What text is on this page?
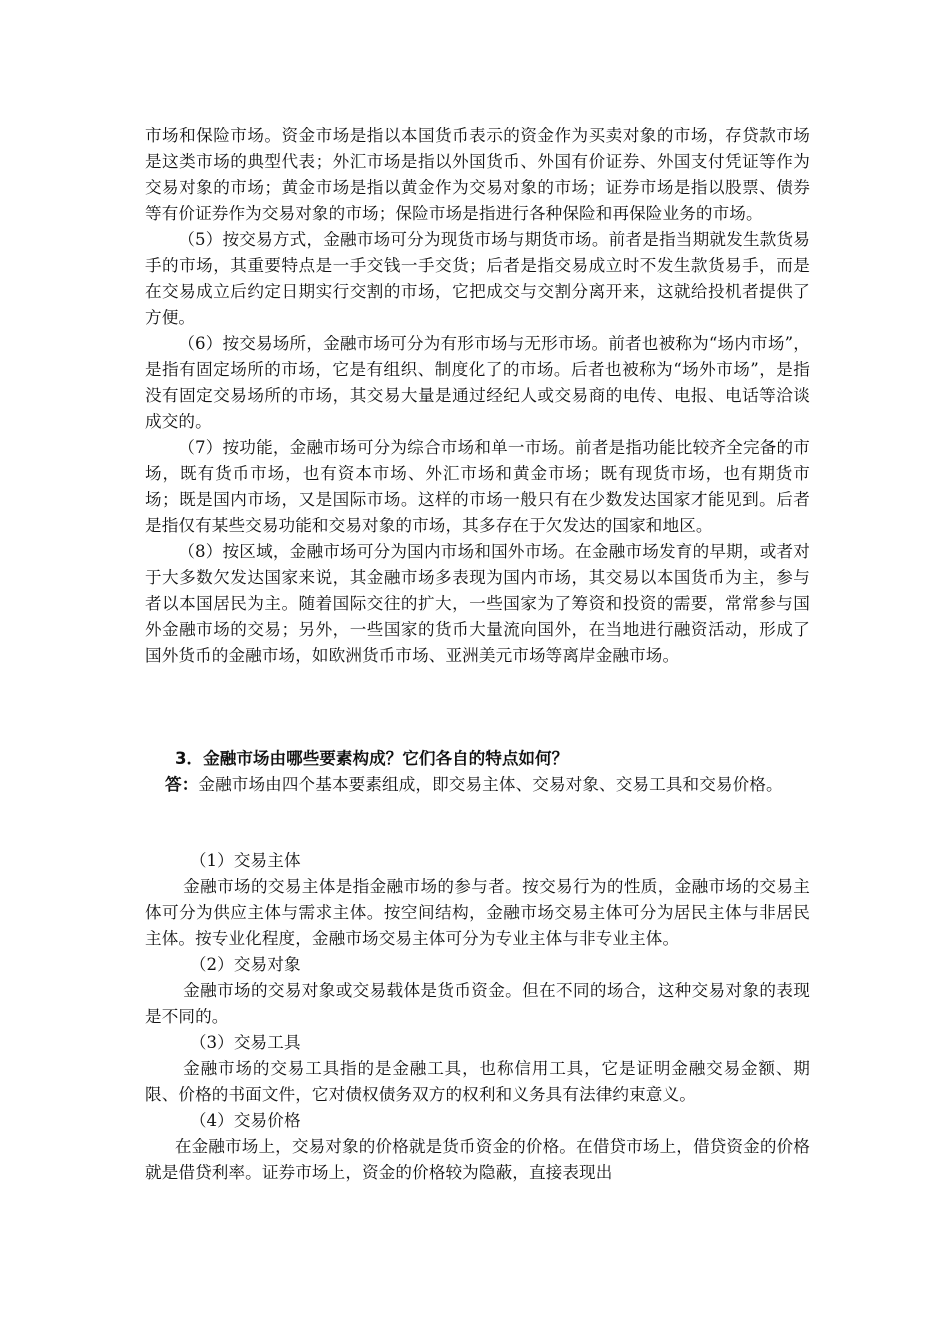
市场和保险市场。资金市场是指以本国货币表示的资金作为买卖对象的市场，存贷款市场是这类市场的典型代表；外汇市场是指以外国货币、外国有价证券、外国支付凭证等作为交易对象的市场；黄金市场是指以黄金作为交易对象的市场；证券市场是指以股票、债券等有价证券作为交易对象的市场；保险市场是指进行各种保险和再保险业务的市场。

（5）按交易方式，金融市场可分为现货市场与期货市场。前者是指当期就发生款货易手的市场，其重要特点是一手交钱一手交货；后者是指交易成立时不发生款货易手，而是在交易成立后约定日期实行交割的市场，它把成交与交割分离开来，这就给投机者提供了方便。

（6）按交易场所，金融市场可分为有形市场与无形市场。前者也被称为“场内市场”，是指有固定场所的市场，它是有组织、制度化了的市场。后者也被称为“场外市场”，是指没有固定交易场所的市场，其交易大量是通过经纪人或交易商的电传、电报、电话等洽谈成交的。

（7）按功能，金融市场可分为综合市场和单一市场。前者是指功能比较齐全完备的市场，既有货币市场，也有资本市场、外汇市场和黄金市场；既有现货市场，也有期货市场；既是国内市场，又是国际市场。这样的市场一般只有在少数发达国家才能见到。后者是指仅有某些交易功能和交易对象的市场，其多存在于欠发达的国家和地区。

（8）按区域，金融市场可分为国内市场和国外市场。在金融市场发育的早期，或者对于大多数欠发达国家来说，其金融市场多表现为国内市场，其交易以本国货币为主，参与者以本国居民为主。随着国际交往的扩大，一些国家为了筹资和投资的需要，常常参与国外金融市场的交易；另外，一些国家的货币大量流向国外，在当地进行融资活动，形成了国外货币的金融市场，如欧洲货币市场、亚洲美元市场等离岸金融市场。

3．金融市场由哪些要素构成？它们各自的特点如何？

答：金融市场由四个基本要素组成，即交易主体、交易对象、交易工具和交易价格。

（1）交易主体

金融市场的交易主体是指金融市场的参与者。按交易行为的性质，金融市场的交易主体可分为供应主体与需求主体。按空间结构，金融市场交易主体可分为居民主体与非居民主体。按专业化程度，金融市场交易主体可分为专业主体与非专业主体。

（2）交易对象

金融市场的交易对象或交易载体是货币资金。但在不同的场合，这种交易对象的表现是不同的。

（3）交易工具

金融市场的交易工具指的是金融工具，也称信用工具，它是证明金融交易金额、期限、价格的书面文件，它对债权债务双方的权利和义务具有法律约束意义。

（4）交易价格

在金融市场上，交易对象的价格就是货币资金的价格。在借贷市场上，借贷资金的价格就是借贷利率。证券市场上，资金的价格较为隐蔽，直接表现出
